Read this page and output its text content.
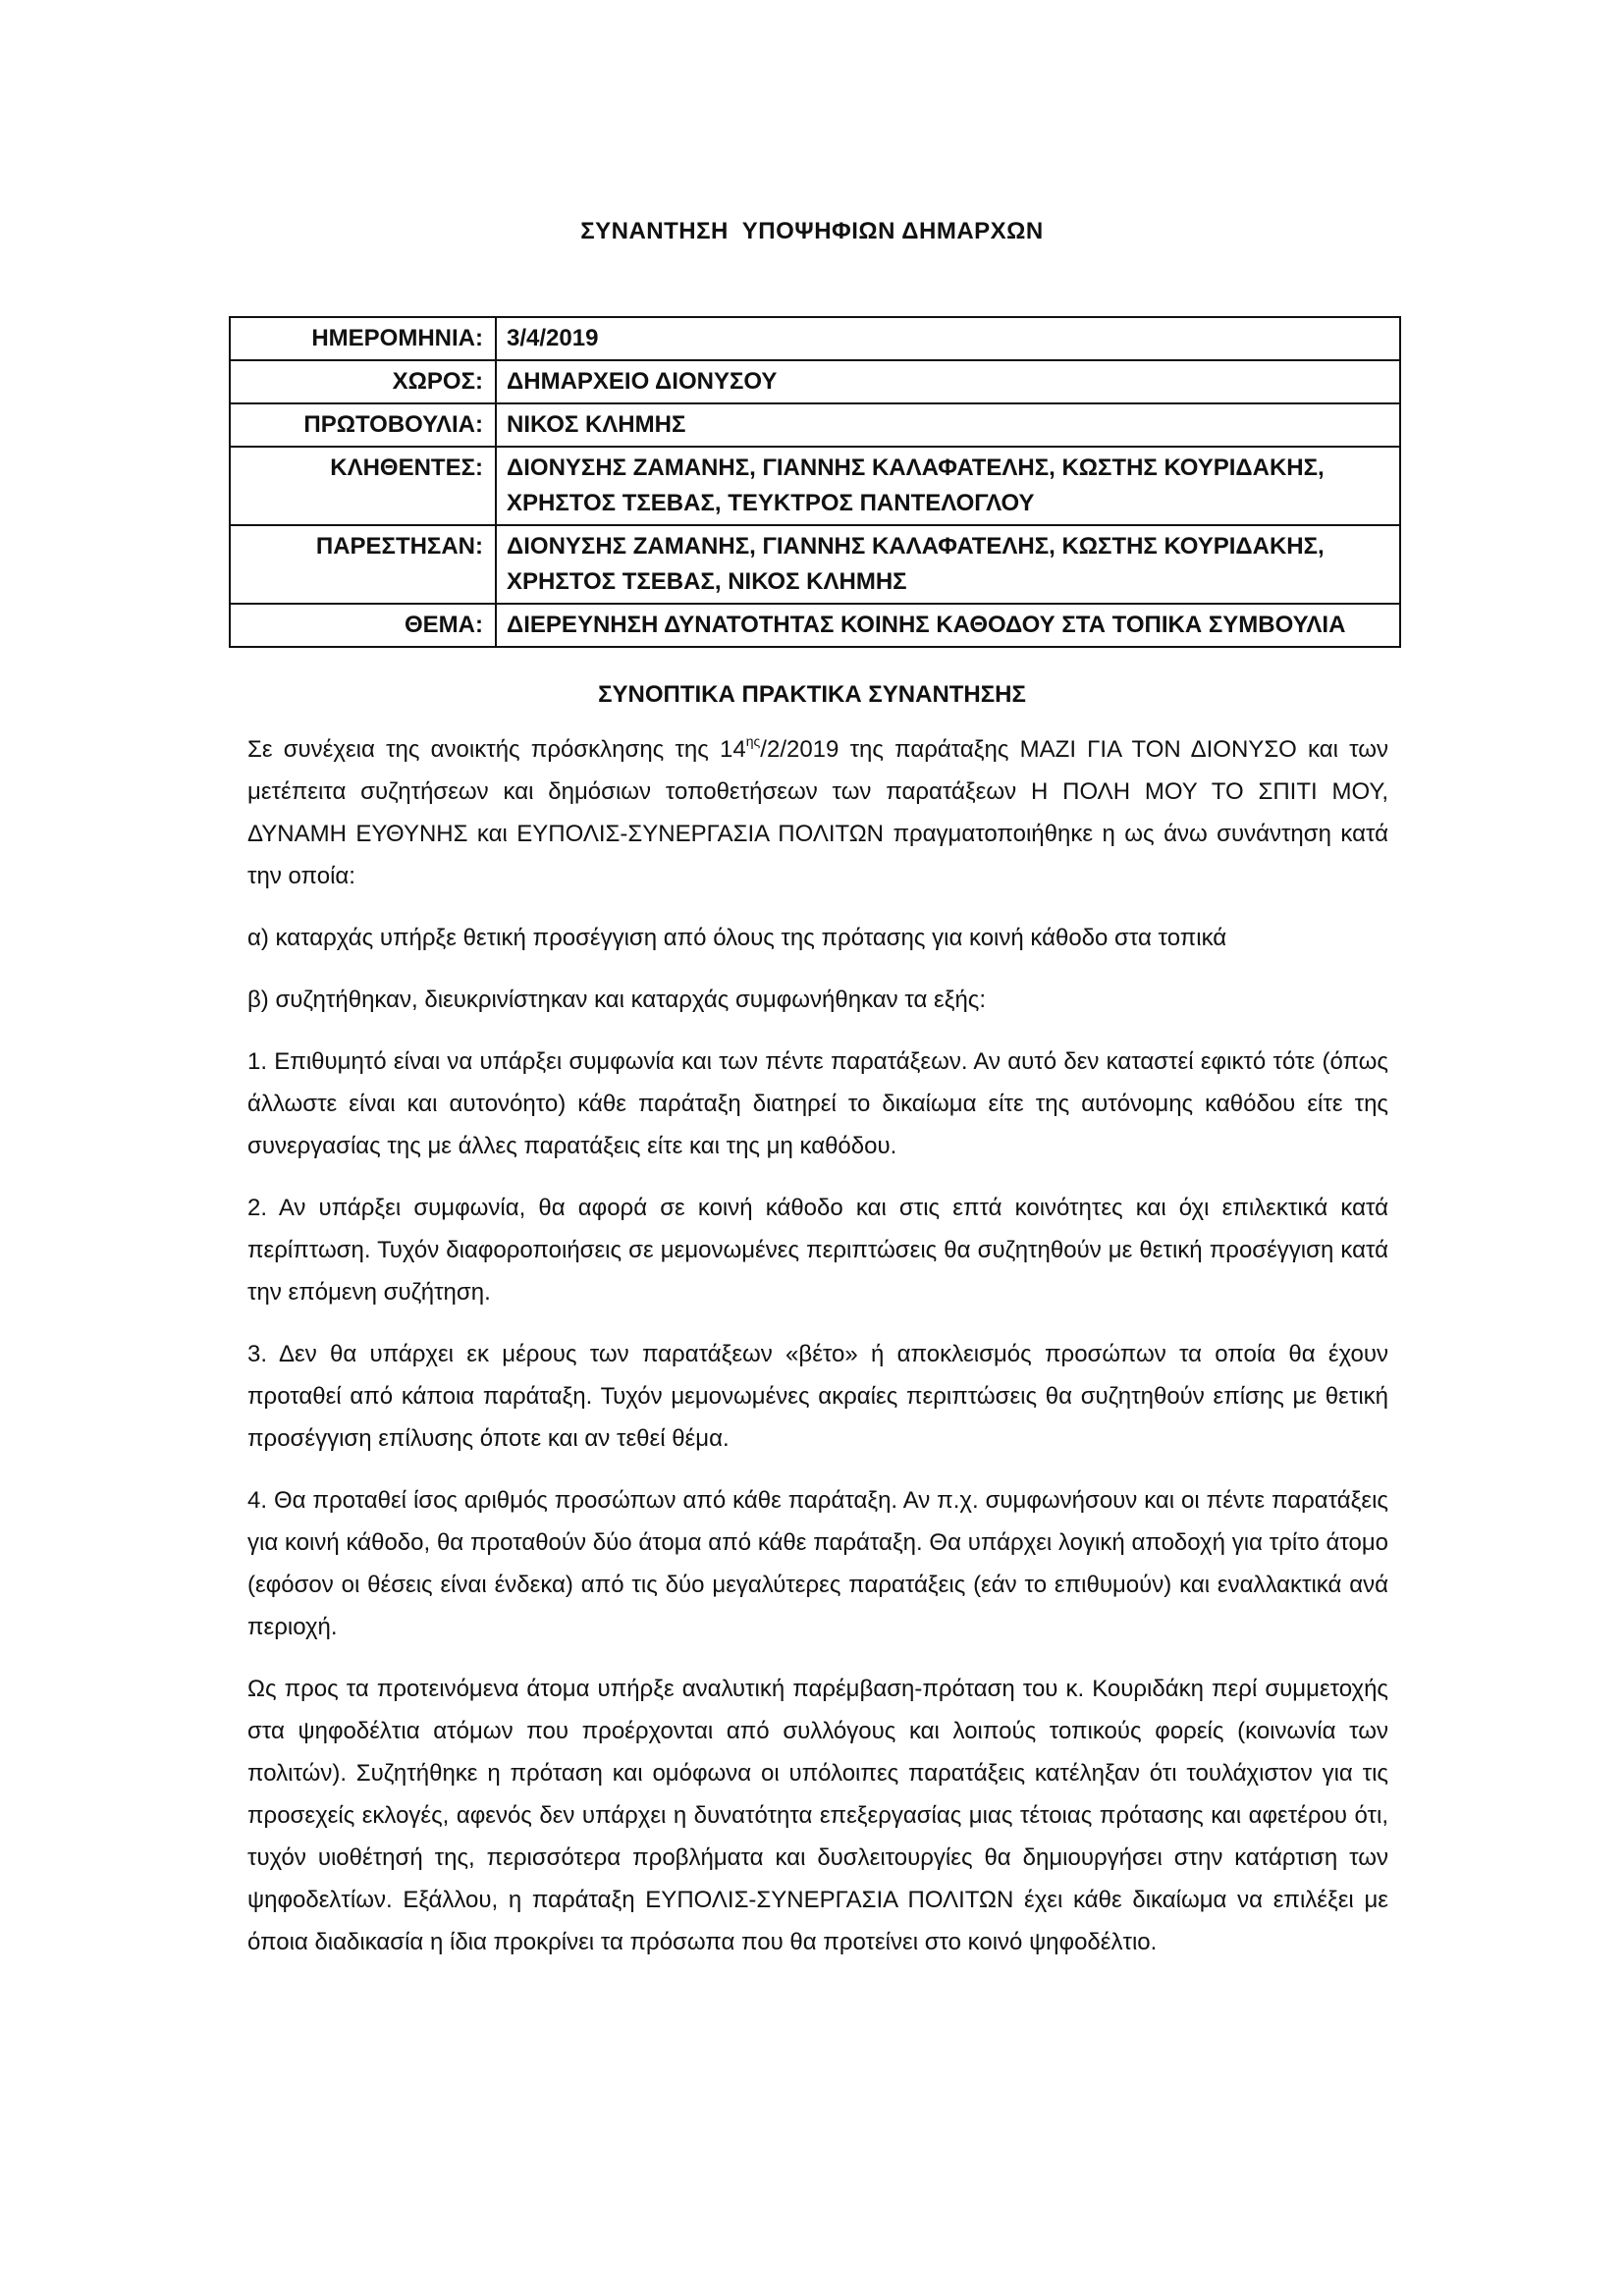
ΣΥΝΑΝΤΗΣΗ  ΥΠΟΨΗΦΙΩΝ ΔΗΜΑΡΧΩΝ
ΗΜΕΡΟΜΗΝΙΑ:	3/4/2019
ΧΩΡΟΣ:	ΔΗΜΑΡΧΕΙΟ ΔΙΟΝΥΣΟΥ
ΠΡΩΤΟΒΟΥΛΙΑ:	ΝΙΚΟΣ ΚΛΗΜΗΣ
ΚΛΗΘΕΝΤΕΣ:	ΔΙΟΝΥΣΗΣ ΖΑΜΑΝΗΣ, ΓΙΑΝΝΗΣ ΚΑΛΑΦΑΤΕΛΗΣ, ΚΩΣΤΗΣ ΚΟΥΡΙΔΑΚΗΣ, ΧΡΗΣΤΟΣ ΤΣΕΒΑΣ, ΤΕΥΚΤΡΟΣ ΠΑΝΤΕΛΟΓΛΟΥ
ΠΑΡΕΣΤΗΣΑΝ:	ΔΙΟΝΥΣΗΣ ΖΑΜΑΝΗΣ, ΓΙΑΝΝΗΣ ΚΑΛΑΦΑΤΕΛΗΣ, ΚΩΣΤΗΣ ΚΟΥΡΙΔΑΚΗΣ, ΧΡΗΣΤΟΣ ΤΣΕΒΑΣ, ΝΙΚΟΣ ΚΛΗΜΗΣ
ΘΕΜΑ:	ΔΙΕΡΕΥΝΗΣΗ ΔΥΝΑΤΟΤΗΤΑΣ ΚΟΙΝΗΣ ΚΑΘΟΔΟΥ ΣΤΑ ΤΟΠΙΚΑ ΣΥΜΒΟΥΛΙΑ
ΣΥΝΟΠΤΙΚΑ ΠΡΑΚΤΙΚΑ ΣΥΝΑΝΤΗΣΗΣ

Σε συνέχεια της ανοικτής πρόσκλησης της $14^{\eta\varsigma}/2/2019$ της παράταξης ΜΑΖΙ ΓΙΑ ΤΟΝ ΔΙΟΝΥΣΟ και των μετέπειτα συζητήσεων και δημόσιων τοποθετήσεων των παρατάξεων Η ΠΟΛΗ ΜΟΥ ΤΟ ΣΠΙΤΙ ΜΟΥ, ΔΥΝΑΜΗ ΕΥΘΥΝΗΣ και ΕΥΠΟΛΙΣ-ΣΥΝΕΡΓΑΣΙΑ ΠΟΛΙΤΩΝ πραγματοποιήθηκε η ως άνω συνάντηση κατά την οποία:

α) καταρχάς υπήρξε θετική προσέγγιση από όλους της πρότασης για κοινή κάθοδο στα τοπικά

β) συζητήθηκαν, διευκρινίστηκαν και καταρχάς συμφωνήθηκαν τα εξής:

1. Επιθυμητό είναι να υπάρξει συμφωνία και των πέντε παρατάξεων. Αν αυτό δεν καταστεί εφικτό τότε (όπως άλλωστε είναι και αυτονόητο) κάθε παράταξη διατηρεί το δικαίωμα είτε της αυτόνομης καθόδου είτε της συνεργασίας της με άλλες παρατάξεις είτε και της μη καθόδου.

2. Αν υπάρξει συμφωνία, θα αφορά σε κοινή κάθοδο και στις επτά κοινότητες και όχι επιλεκτικά κατά περίπτωση. Τυχόν διαφοροποιήσεις σε μεμονωμένες περιπτώσεις θα συζητηθούν με θετική προσέγγιση κατά την επόμενη συζήτηση.

3. Δεν θα υπάρχει εκ μέρους των παρατάξεων «βέτο» ή αποκλεισμός προσώπων τα οποία θα έχουν προταθεί από κάποια παράταξη. Τυχόν μεμονωμένες ακραίες περιπτώσεις θα συζητηθούν επίσης με θετική προσέγγιση επίλυσης όποτε και αν τεθεί θέμα.

4. Θα προταθεί ίσος αριθμός προσώπων από κάθε παράταξη. Αν π.χ. συμφωνήσουν και οι πέντε παρατάξεις για κοινή κάθοδο, θα προταθούν δύο άτομα από κάθε παράταξη. Θα υπάρχει λογική αποδοχή για τρίτο άτομο (εφόσον οι θέσεις είναι ένδεκα) από τις δύο μεγαλύτερες παρατάξεις (εάν το επιθυμούν) και εναλλακτικά ανά περιοχή.

Ως προς τα προτεινόμενα άτομα υπήρξε αναλυτική παρέμβαση-πρόταση του κ. Κουριδάκη περί συμμετοχής στα ψηφοδέλτια ατόμων που προέρχονται από συλλόγους και λοιπούς τοπικούς φορείς (κοινωνία των πολιτών). Συζητήθηκε η πρόταση και ομόφωνα οι υπόλοιπες παρατάξεις κατέληξαν ότι τουλάχιστον για τις προσεχείς εκλογές, αφενός δεν υπάρχει η δυνατότητα επεξεργασίας μιας τέτοιας πρότασης και αφετέρου ότι, τυχόν υιοθέτησή της, περισσότερα προβλήματα και δυσλειτουργίες θα δημιουργήσει στην κατάρτιση των ψηφοδελτίων. Εξάλλου, η παράταξη ΕΥΠΟΛΙΣ-ΣΥΝΕΡΓΑΣΙΑ ΠΟΛΙΤΩΝ έχει κάθε δικαίωμα να επιλέξει με όποια διαδικασία η ίδια προκρίνει τα πρόσωπα που θα προτείνει στο κοινό ψηφοδέλτιο.
